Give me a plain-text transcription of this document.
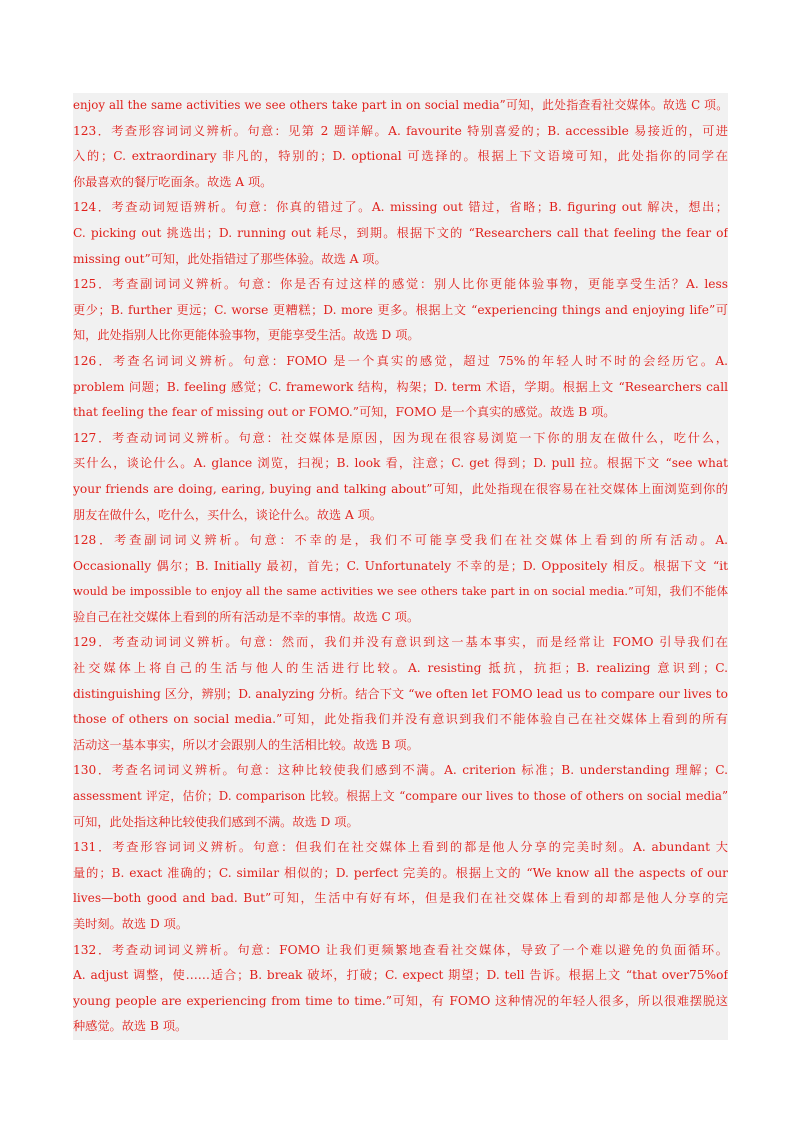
enjoy all the same activities we see others take part in on social media”可知，此处指查看社交媒体。故选 C 项。

123．考查形容词词义辨析。句意：见第 2 题详解。A. favourite 特别喜爱的；B. accessible 易接近的，可进

入的；C. extraordinary 非凡的，特别的；D. optional 可选择的。根据上下文语境可知，此处指你的同学在

你最喜欢的餐厅吃面条。故选 A 项。

124．考查动词短语辨析。句意：你真的错过了。A. missing out 错过，省略；B. figuring out 解决，想出；

C. picking out 挑选出；D. running out 耗尽，到期。根据下文的 “Researchers call that feeling the fear of

missing out”可知，此处指错过了那些体验。故选 A 项。

125．考查副词词义辨析。句意：你是否有过这样的感觉：别人比你更能体验事物，更能享受生活？A. less

更少；B. further 更远；C. worse 更糟糕；D. more 更多。根据上文 “experiencing things and enjoying life”可

知，此处指别人比你更能体验事物，更能享受生活。故选 D 项。

126．考查名词词义辨析。句意：FOMO 是一个真实的感觉，超过 75%的年轻人时不时的会经历它。A.

problem 问题；B. feeling 感觉；C. framework 结构，构架；D. term 术语，学期。根据上文 “Researchers call

that feeling the fear of missing out or FOMO.”可知，FOMO 是一个真实的感觉。故选 B 项。

127．考查动词词义辨析。句意：社交媒体是原因，因为现在很容易浏览一下你的朋友在做什么，吃什么，

买什么，谈论什么。A. glance 浏览，扫视；B. look 看，注意；C. get 得到；D. pull 拉。根据下文 “see what

your friends are doing, earing, buying and talking about”可知，此处指现在很容易在社交媒体上面浏览到你的

朋友在做什么，吃什么，买什么，谈论什么。故选 A 项。

128．考查副词词义辨析。句意：不幸的是，我们不可能享受我们在社交媒体上看到的所有活动。A.

Occasionally 偶尔；B. Initially 最初，首先；C. Unfortunately 不幸的是；D. Oppositely 相反。根据下文 “it

would be impossible to enjoy all the same activities we see others take part in on social media.”可知，我们不能体

验自己在社交媒体上看到的所有活动是不幸的事情。故选 C 项。

129．考查动词词义辨析。句意：然而，我们并没有意识到这一基本事实，而是经常让 FOMO 引导我们在

社交媒体上将自己的生活与他人的生活进行比较。A. resisting 抵抗，抗拒；B. realizing 意识到；C.

distinguishing 区分，辨别；D. analyzing 分析。结合下文 “we often let FOMO lead us to compare our lives to

those of others on social media.”可知，此处指我们并没有意识到我们不能体验自己在社交媒体上看到的所有

活动这一基本事实，所以才会跟别人的生活相比较。故选 B 项。

130．考查名词词义辨析。句意：这种比较使我们感到不满。A. criterion 标准；B. understanding 理解；C.

assessment 评定，估价；D. comparison 比较。根据上文 “compare our lives to those of others on social media”

可知，此处指这种比较使我们感到不满。故选 D 项。

131．考查形容词词义辨析。句意：但我们在社交媒体上看到的都是他人分享的完美时刻。A. abundant 大

量的；B. exact 准确的；C. similar 相似的；D. perfect 完美的。根据上文的 “We know all the aspects of our

lives—both good and bad. But”可知，生活中有好有坏，但是我们在社交媒体上看到的却都是他人分享的完

美时刻。故选 D 项。

132．考查动词词义辨析。句意：FOMO 让我们更频繁地查看社交媒体，导致了一个难以避免的负面循环。

A. adjust 调整，使……适合；B. break 破坏，打破；C. expect 期望；D. tell 告诉。根据上文 “that over75%of

young people are experiencing from time to time.”可知，有 FOMO 这种情况的年轻人很多，所以很难摆脱这

种感觉。故选 B 项。
